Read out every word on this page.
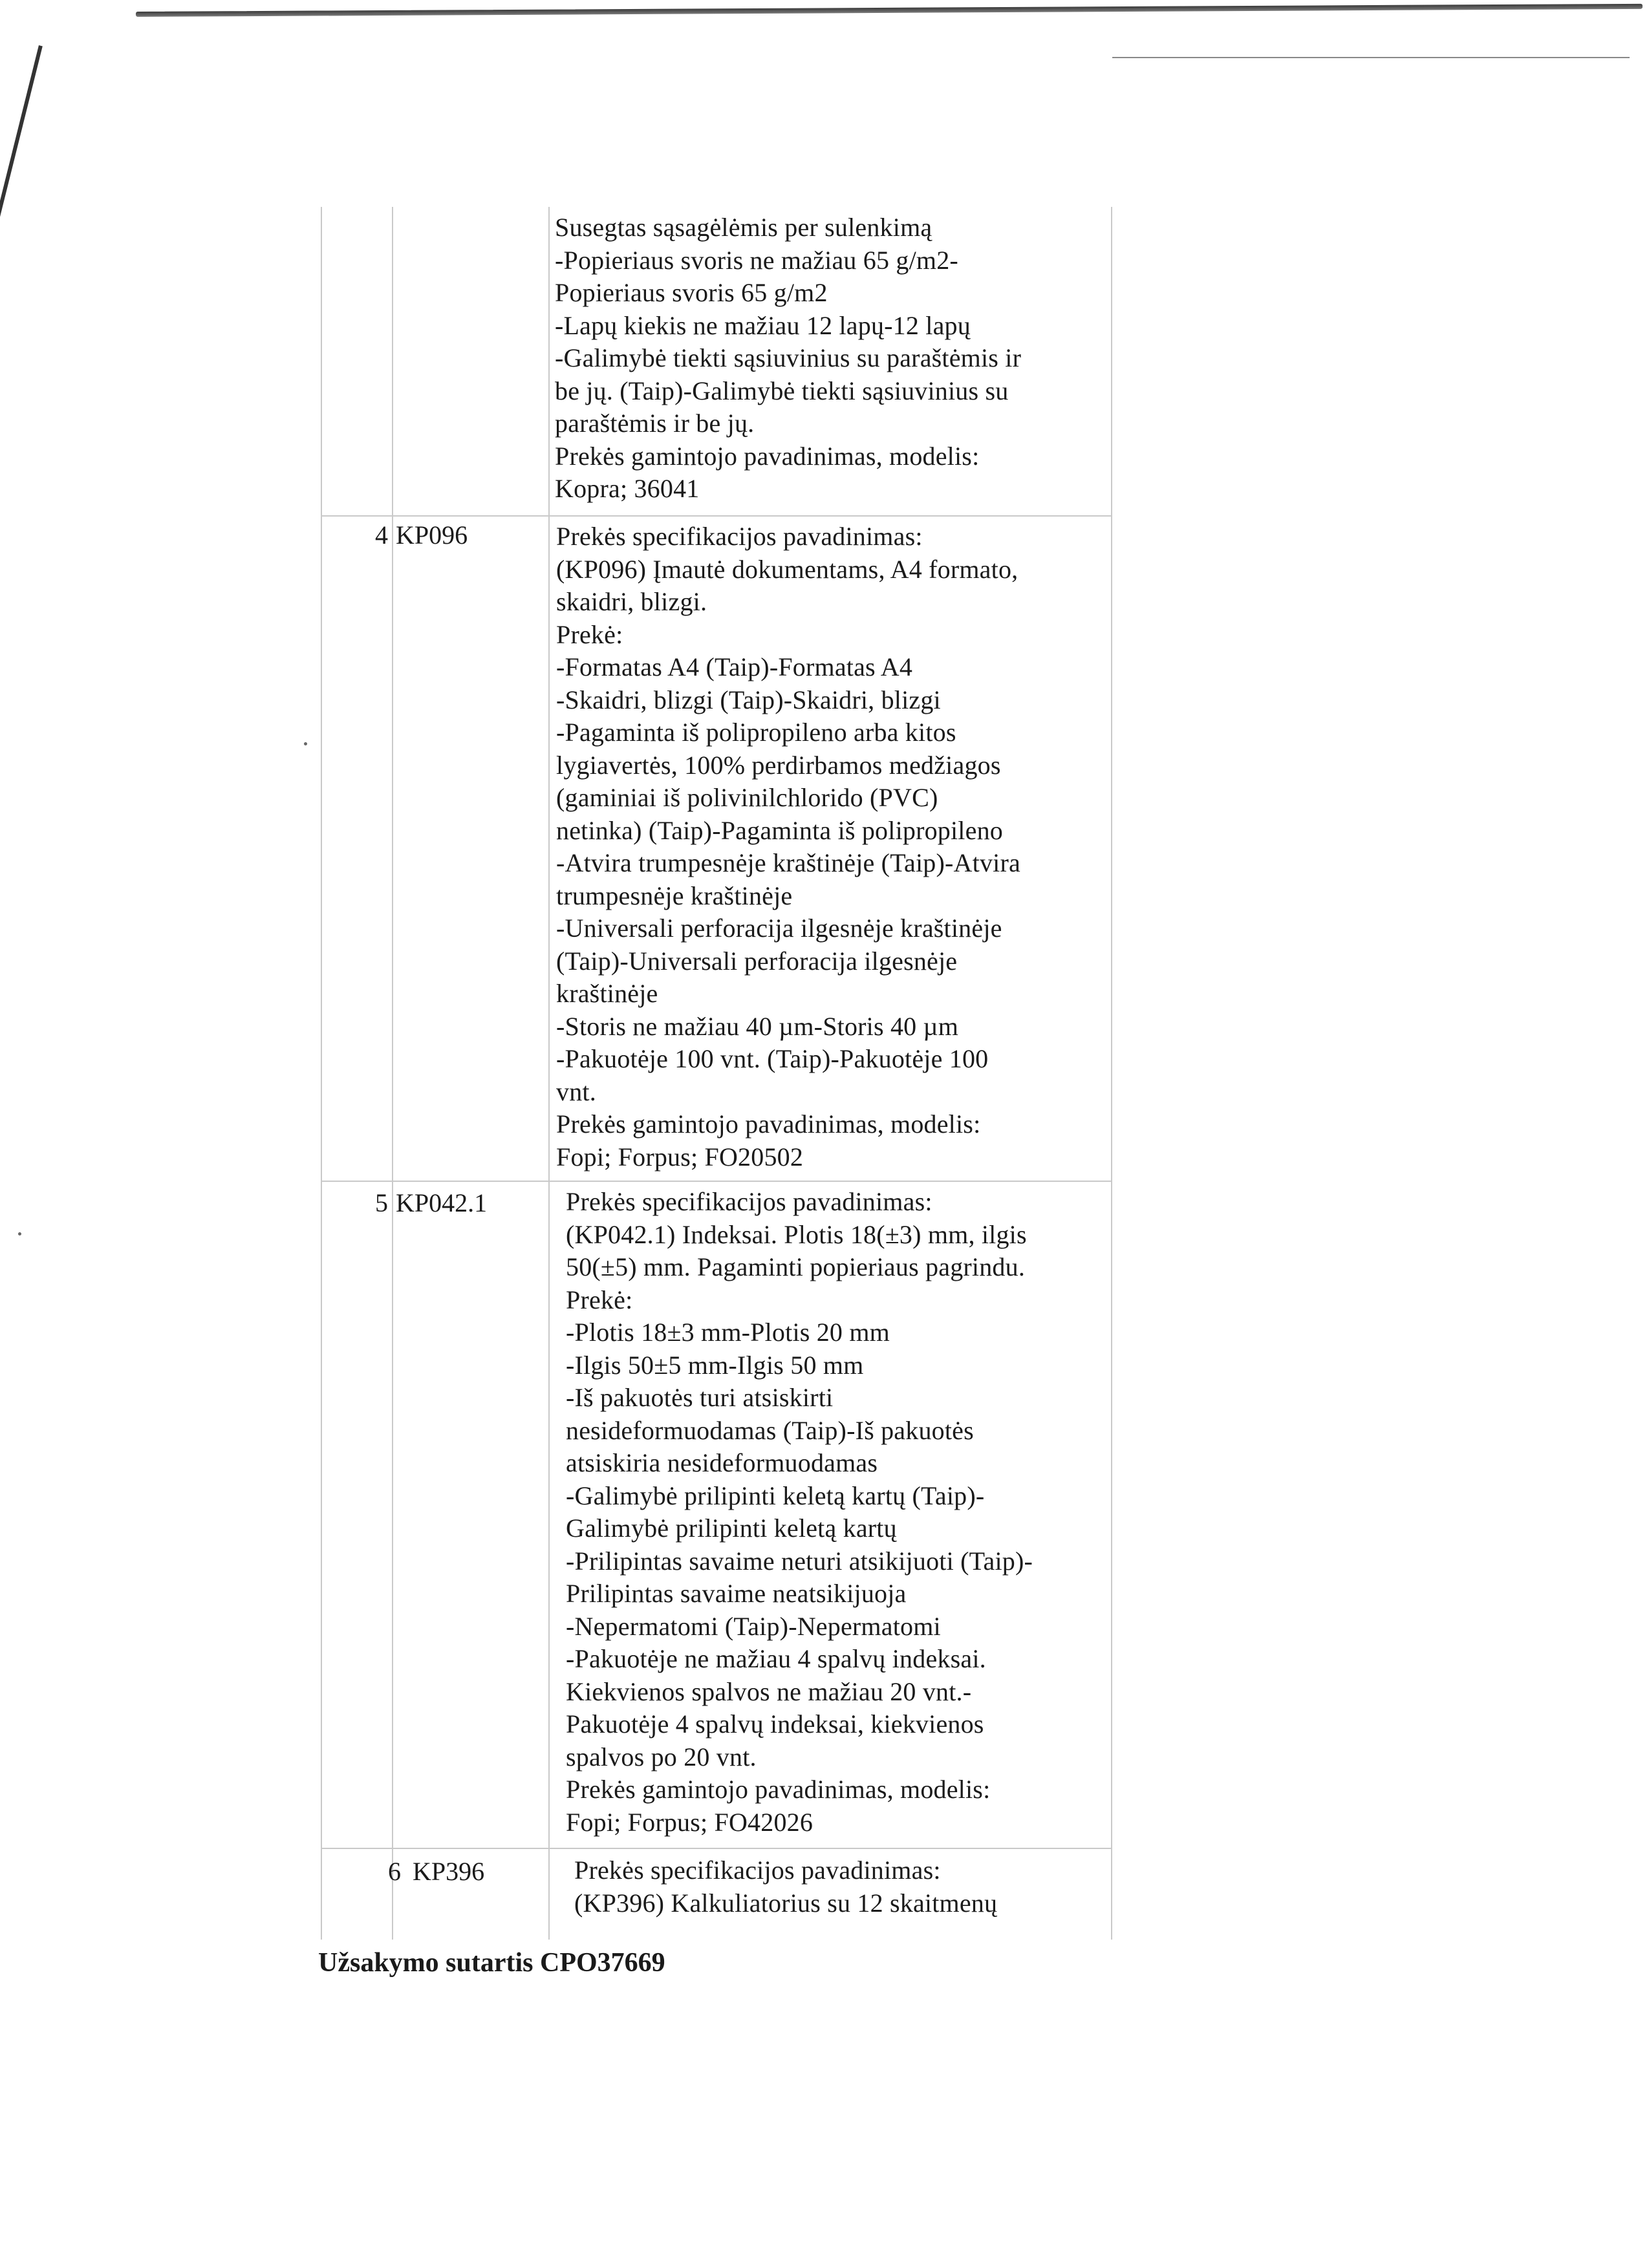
Susegtas sąsagėlėmis per sulenkimą
-Popieriaus svoris ne mažiau 65 g/m2-
Popieriaus svoris 65 g/m2
-Lapų kiekis ne mažiau 12 lapų-12 lapų
-Galimybė tiekti sąsiuvinius su paraštėmis ir
be jų. (Taip)-Galimybė tiekti sąsiuvinius su
paraštėmis ir be jų.
Prekės gamintojo pavadinimas, modelis:
Kopra; 36041
4 KP096	Prekės specifikacijos pavadinimas:
(KP096) Įmautė dokumentams, A4 formato,
skaidri, blizgi.
Prekė:
-Formatas A4 (Taip)-Formatas A4
-Skaidri, blizgi (Taip)-Skaidri, blizgi
-Pagaminta iš polipropileno arba kitos
lygiavertės, 100% perdirbamos medžiagos
(gaminiai iš polivinilchlorido (PVC)
netinka) (Taip)-Pagaminta iš polipropileno
-Atvira trumpesnėje kraštinėje (Taip)-Atvira
trumpesnėje kraštinėje
-Universali perforacija ilgesnėje kraštinėje
(Taip)-Universali perforacija ilgesnėje
kraštinėje
-Storis ne mažiau 40 µm-Storis 40 µm
-Pakuotėje 100 vnt. (Taip)-Pakuotėje 100
vnt.
Prekės gamintojo pavadinimas, modelis:
Fopi; Forpus; FO20502
5 KP042.1	Prekės specifikacijos pavadinimas:
(KP042.1) Indeksai. Plotis 18(±3) mm, ilgis
50(±5) mm. Pagaminti popieriaus pagrindu.
Prekė:
-Plotis 18±3 mm-Plotis 20 mm
-Ilgis 50±5 mm-Ilgis 50 mm
-Iš pakuotės turi atsiskirti
nesideformuodamas (Taip)-Iš pakuotės
atsiskiria nesideformuodamas
-Galimybė prilipinti keletą kartų (Taip)-
Galimybė prilipinti keletą kartų
-Prilipintas savaime neturi atsikijuoti (Taip)-
Prilipintas savaime neatsikijuoja
-Nepermatomi (Taip)-Nepermatomi
-Pakuotėje ne mažiau 4 spalvų indeksai.
Kiekvienos spalvos ne mažiau 20 vnt.-
Pakuotėje 4 spalvų indeksai, kiekvienos
spalvos po 20 vnt.
Prekės gamintojo pavadinimas, modelis:
Fopi; Forpus; FO42026
6 KP396	Prekės specifikacijos pavadinimas:
(KP396) Kalkuliatorius su 12 skaitmenų
Užsakymo sutartis CPO37669
